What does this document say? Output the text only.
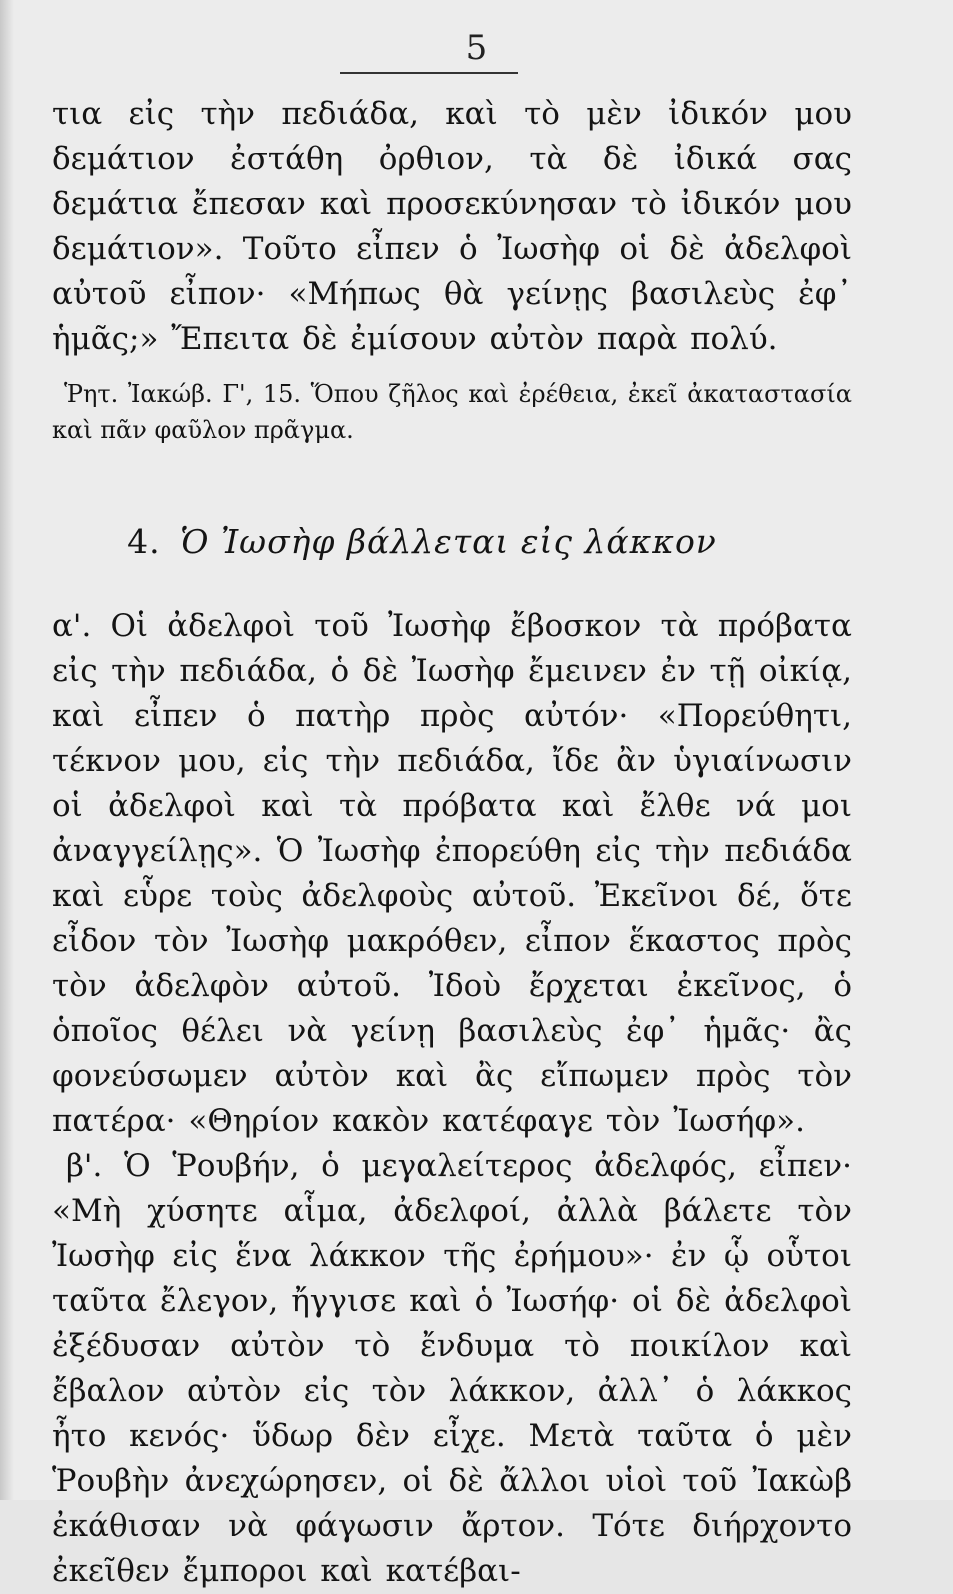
5

τια εἰς τὴν πεδιάδα, καὶ τὸ μὲν ἰδικόν μου δεμάτιον ἐστάθη ὀρθιον, τὰ δὲ ἰδικά σας δεμάτια ἔπεσαν καὶ προσεκύνησαν τὸ ἰδικόν μου δεμάτιον». Τοῦτο εἶπεν ὁ Ἰωσὴφ οἱ δὲ ἀδελφοὶ αὐτοῦ εἶπον· «Μήπως θὰ γείνῃς βασιλεὺς ἐφ᾽ ἡμᾶς;» Ἔπειτα δὲ ἐμίσουν αὐτὸν παρὰ πολύ.

Ῥητ. Ἰακώβ. Γ', 15. Ὅπου ζῆλος καὶ ἐρέθεια, ἐκεῖ ἀκαταστασία καὶ πᾶν φαῦλον πρᾶγμα.

4. Ὁ Ἰωσὴφ βάλλεται εἰς λάκκον

α'. Οἱ ἀδελφοὶ τοῦ Ἰωσὴφ ἔβοσκον τὰ πρόβατα εἰς τὴν πεδιάδα, ὁ δὲ Ἰωσὴφ ἔμεινεν ἐν τῇ οἰκίᾳ, καὶ εἶπεν ὁ πατὴρ πρὸς αὐτόν· «Πορεύθητι, τέκνον μου, εἰς τὴν πεδιάδα, ἴδε ἂν ὑγιαίνωσιν οἱ ἀδελφοὶ καὶ τὰ πρόβατα καὶ ἔλθε νά μοι ἀναγγείλῃς». Ὁ Ἰωσὴφ ἐπορεύθη εἰς τὴν πεδιάδα καὶ εὗρε τοὺς ἀδελφοὺς αὐτοῦ. Ἐκεῖνοι δέ, ὅτε εἶδον τὸν Ἰωσὴφ μακρόθεν, εἶπον ἕκαστος πρὸς τὸν ἀδελφὸν αὐτοῦ. Ἰδοὺ ἔρχεται ἐκεῖνος, ὁ ὁποῖος θέλει νὰ γείνῃ βασιλεὺς ἐφ᾽ ἡμᾶς· ἂς φονεύσωμεν αὐτὸν καὶ ἂς εἴπωμεν πρὸς τὸν πατέρα· «Θηρίον κακὸν κατέφαγε τὸν Ἰωσήφ».

β'. Ὁ Ῥουβήν, ὁ μεγαλείτερος ἀδελφός, εἶπεν· «Μὴ χύσητε αἷμα, ἀδελφοί, ἀλλὰ βάλετε τὸν Ἰωσὴφ εἰς ἕνα λάκκον τῆς ἐρήμου»· ἐν ᾧ οὗτοι ταῦτα ἔλεγον, ἤγγισε καὶ ὁ Ἰωσήφ· οἱ δὲ ἀδελφοὶ ἐξέδυσαν αὐτὸν τὸ ἔνδυμα τὸ ποικίλον καὶ ἔβαλον αὐτὸν εἰς τὸν λάκκον, ἀλλ᾽ ὁ λάκκος ἦτο κενός· ὕδωρ δὲν εἶχε. Μετὰ ταῦτα ὁ μὲν Ῥουβὴν ἀνεχώρησεν, οἱ δὲ ἄλλοι υἱοὶ τοῦ Ἰακὼβ ἐκάθισαν νὰ φάγωσιν ἄρτον. Τότε διήρχοντο ἐκεῖθεν ἔμποροι καὶ κατέβαι-
